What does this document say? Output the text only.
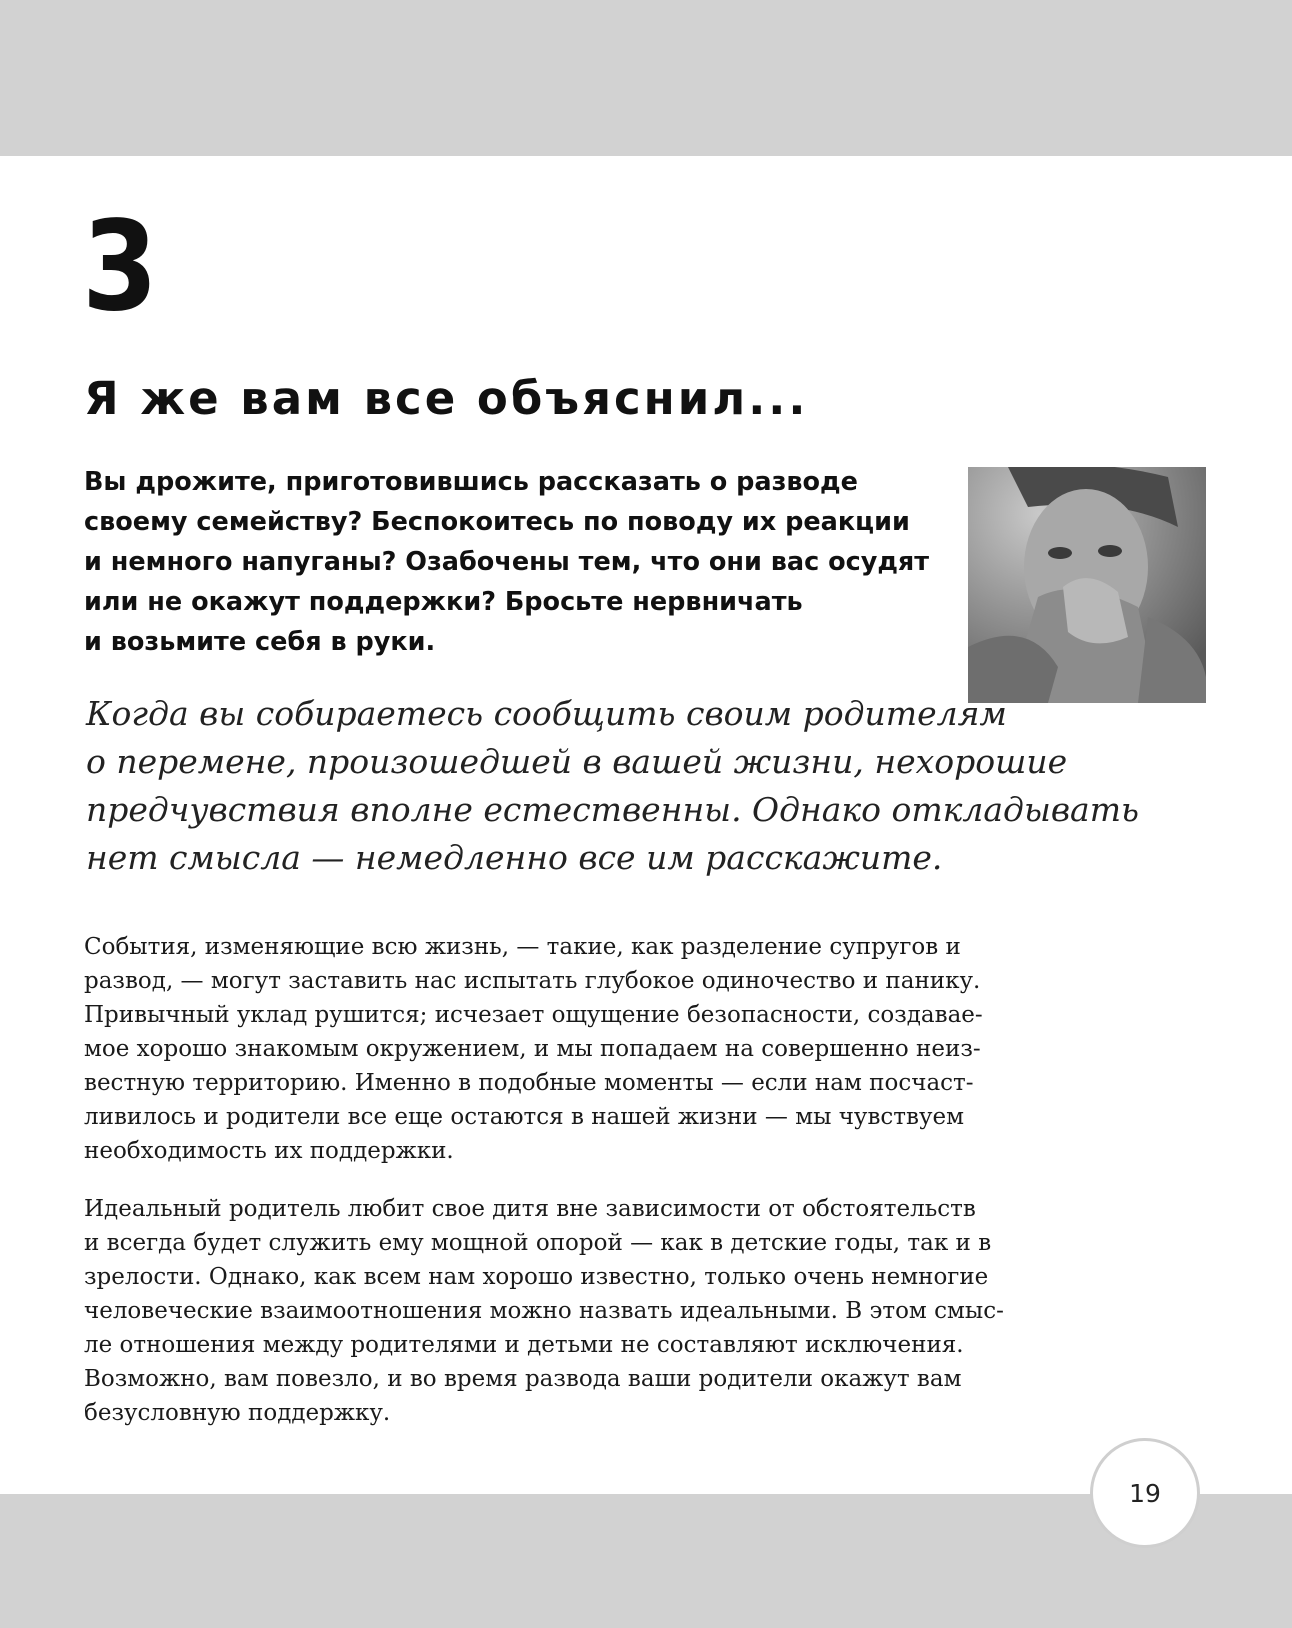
3
Я же вам все объяснил...
Вы дрожите, приготовившись рассказать о разводе
своему семейству? Беспокоитесь по поводу их реакции
и немного напуганы? Озабочены тем, что они вас осудят
или не окажут поддержки? Бросьте нервничать
и возьмите себя в руки.
Когда вы собираетесь сообщить своим родителям
о перемене, произошедшей в вашей жизни, нехорошие
предчувствия вполне естественны. Однако откладывать
нет смысла — немедленно все им расскажите.
События, изменяющие всю жизнь, — такие, как разделение супругов и
развод, — могут заставить нас испытать глубокое одиночество и панику.
Привычный уклад рушится; исчезает ощущение безопасности, создавае-
мое хорошо знакомым окружением, и мы попадаем на совершенно неиз-
вестную территорию. Именно в подобные моменты — если нам посчаст-
ливилось и родители все еще остаются в нашей жизни — мы чувствуем
необходимость их поддержки.
Идеальный родитель любит свое дитя вне зависимости от обстоятельств
и всегда будет служить ему мощной опорой — как в детские годы, так и в
зрелости. Однако, как всем нам хорошо известно, только очень немногие
человеческие взаимоотношения можно назвать идеальными. В этом смыс-
ле отношения между родителями и детьми не составляют исключения.
Возможно, вам повезло, и во время развода ваши родители окажут вам
безусловную поддержку.
19
